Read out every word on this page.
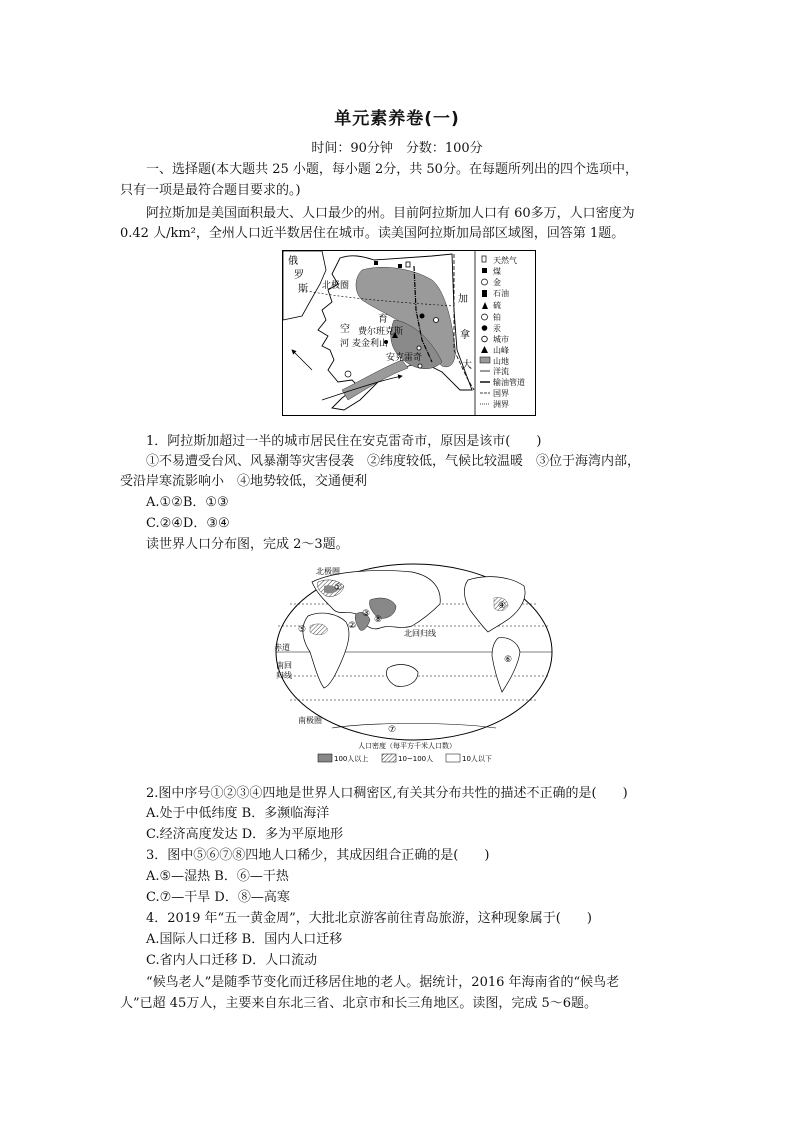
单元素养卷(一)
时间：90分钟　分数：100分
一、选择题(本大题共 25 小题，每小题 2分，共 50分。在每题所列出的四个选项中，
只有一项是最符合题目要求的。)
阿拉斯加是美国面积最大、人口最少的州。目前阿拉斯加人口有 60多万，人口密度为
0.42 人/km²，全州人口近半数居住在城市。读美国阿拉斯加局部区域图，回答第 1题。
俄
罗
斯 北极圈
育
空 费尔班克斯
河 麦金利山
安克雷奇
加
拿
大
天然气
煤
金
石油
硫
铂
汞
城市
山峰
山地
洋流
输油管道
国界
洲界
1．阿拉斯加超过一半的城市居民住在安克雷奇市，原因是该市(　　)
①不易遭受台风、风暴潮等灾害侵袭　②纬度较低，气候比较温暖　③位于海湾内部，
受沿岸寒流影响小　④地势较低，交通便利
A.①②B．①③
C.②④D．③④
读世界人口分布图，完成 2～3题。
北极圈
北回归线
赤道
南回
归线
南极圈
①
②
③
④
⑤
⑥
⑦
⑧
人口密度（每平方千米人口数）
100人以上	10~100人	10人以下
2.图中序号①②③④四地是世界人口稠密区,有关其分布共性的描述不正确的是(　　)
A.处于中低纬度 B．多濒临海洋
C.经济高度发达 D．多为平原地形
3．图中⑤⑥⑦⑧四地人口稀少，其成因组合正确的是(　　)
A.⑤—湿热 B．⑥—干热
C.⑦—干旱 D．⑧—高寒
4．2019 年“五一黄金周”，大批北京游客前往青岛旅游，这种现象属于(　　)
A.国际人口迁移 B．国内人口迁移
C.省内人口迁移 D．人口流动
“候鸟老人”是随季节变化而迁移居住地的老人。据统计，2016 年海南省的“候鸟老
人”已超 45万人，主要来自东北三省、北京市和长三角地区。读图，完成 5～6题。
